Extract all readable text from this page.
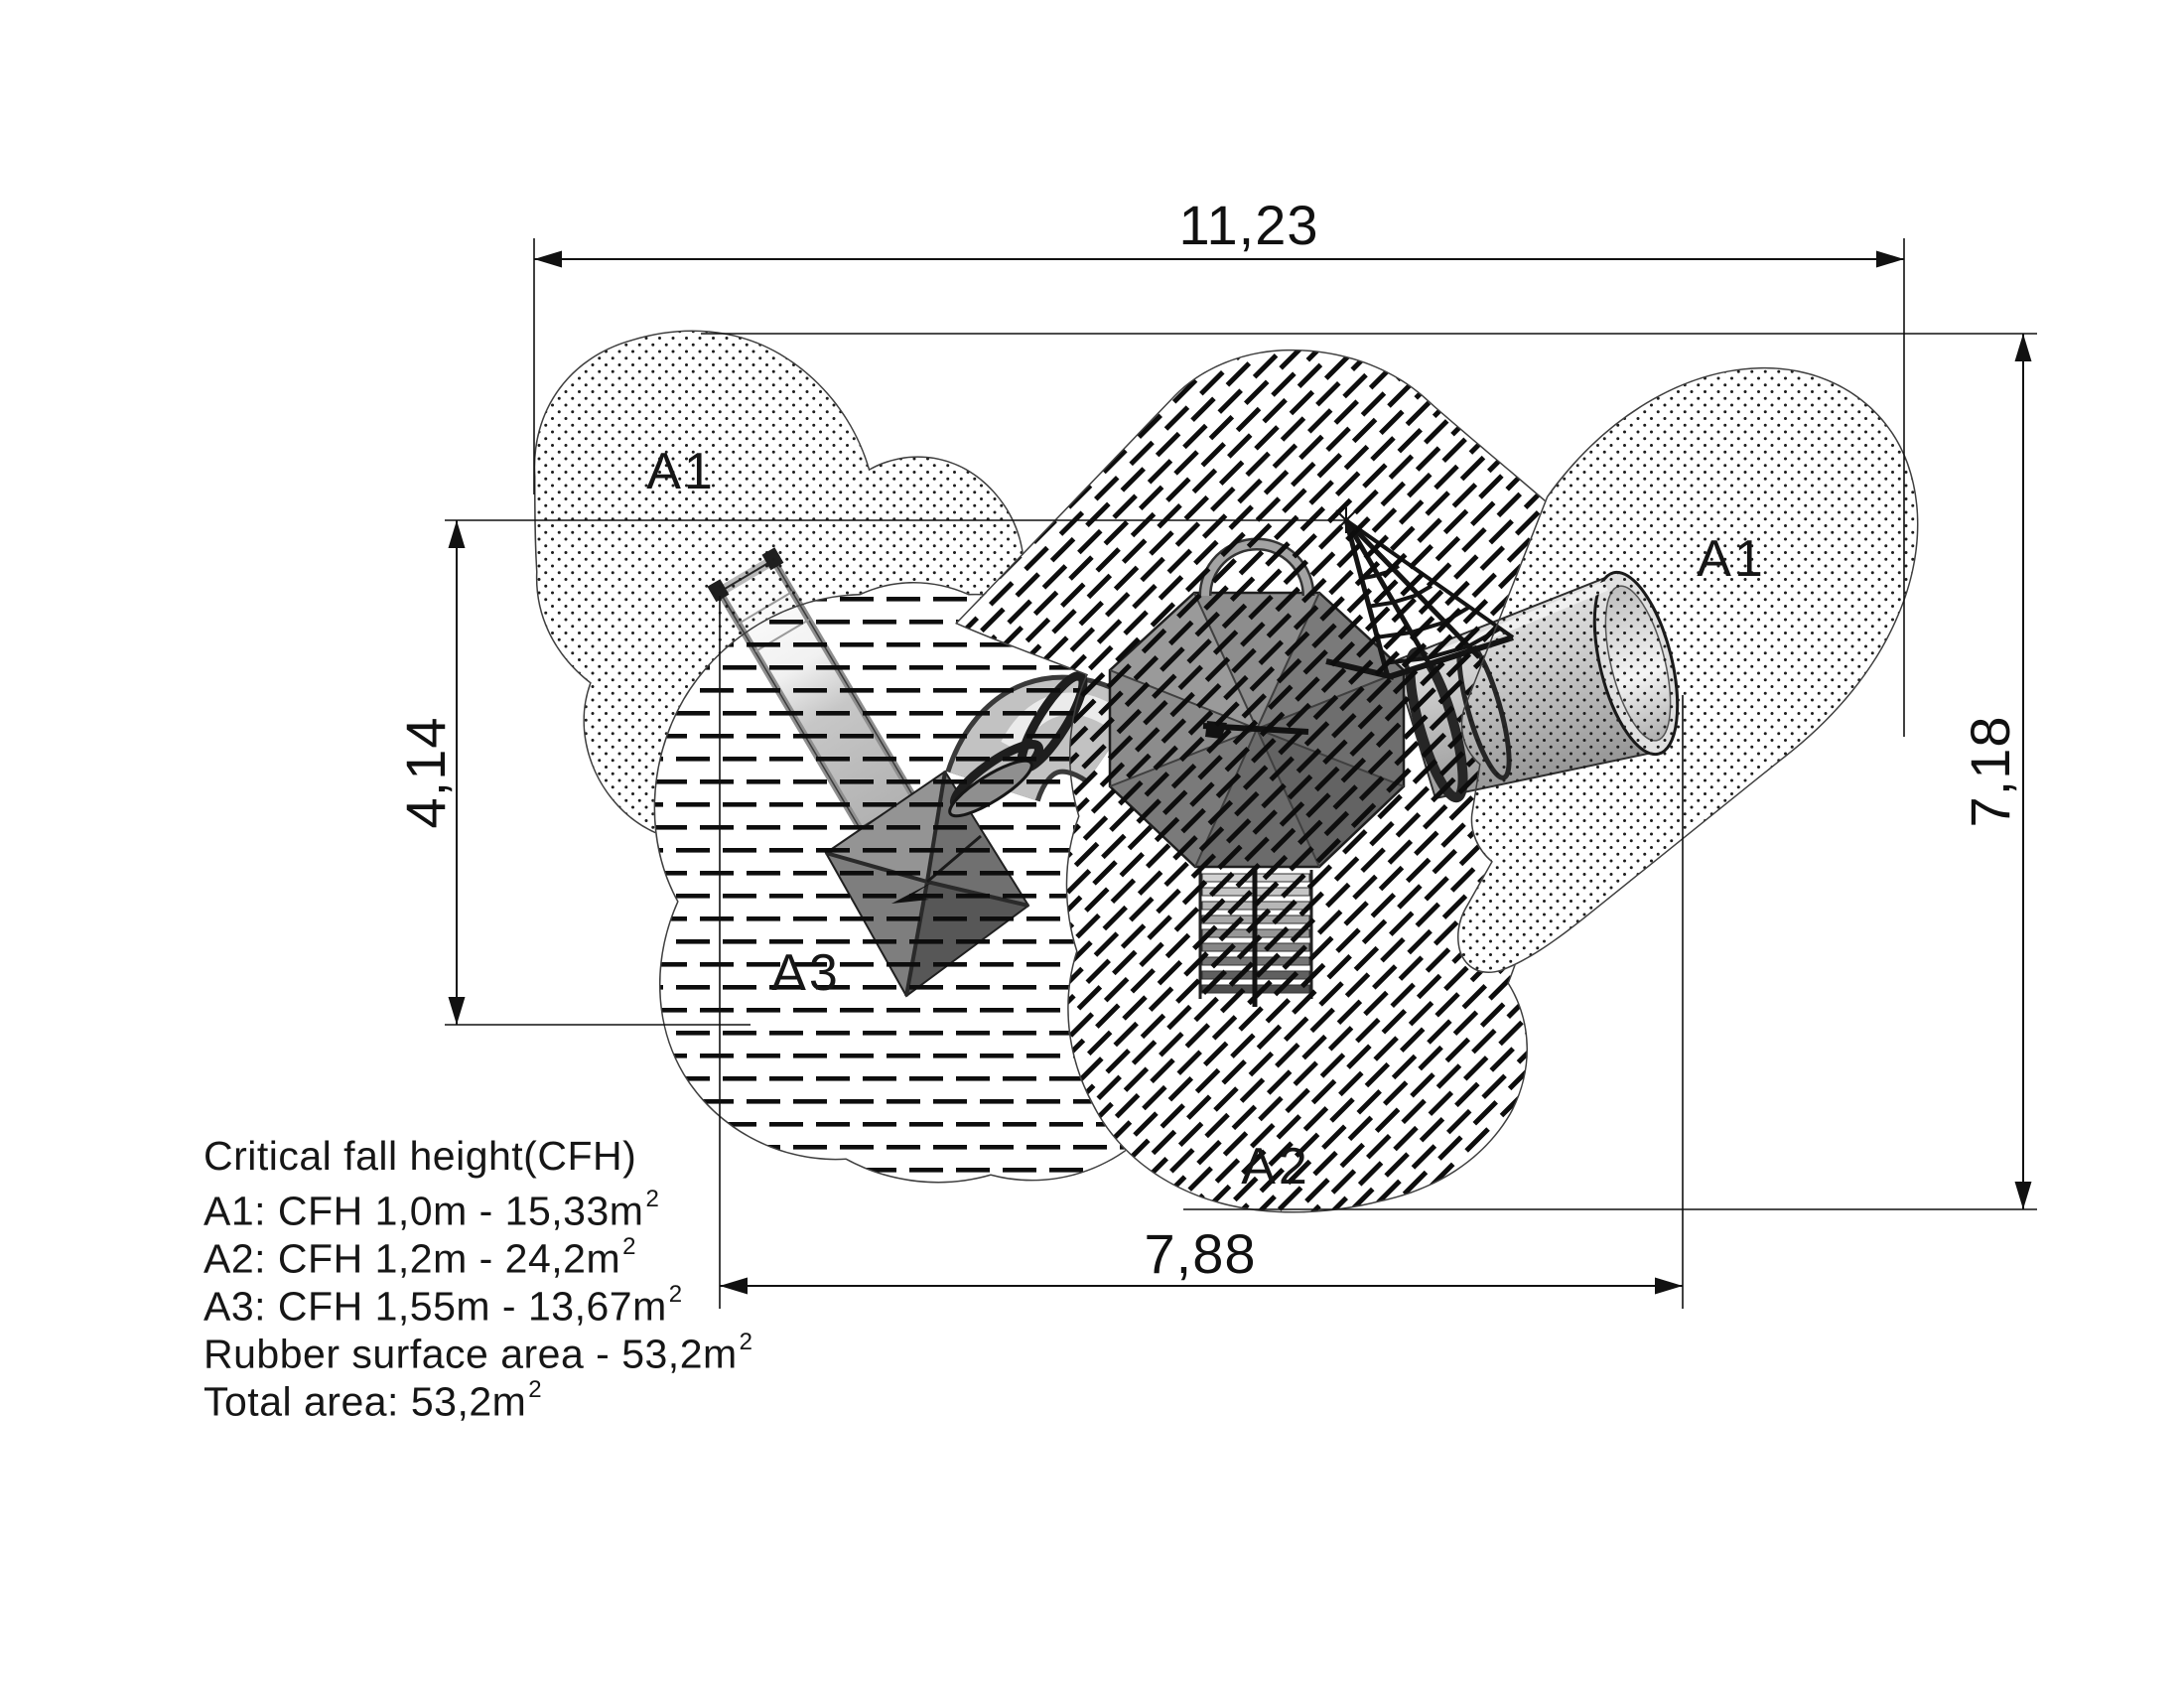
A1
A1
A3
A2
11,23
7,88
7,18
4,14
Critical fall height(CFH)
A1: CFH $1,0m - 15,33m^2$
A2: CFH $1,2m - 24,2m^2$
A3: CFH $1,55m - 13,67m^2$
Rubber surface area - $53,2m^2$
Total area: $53,2m^2$
